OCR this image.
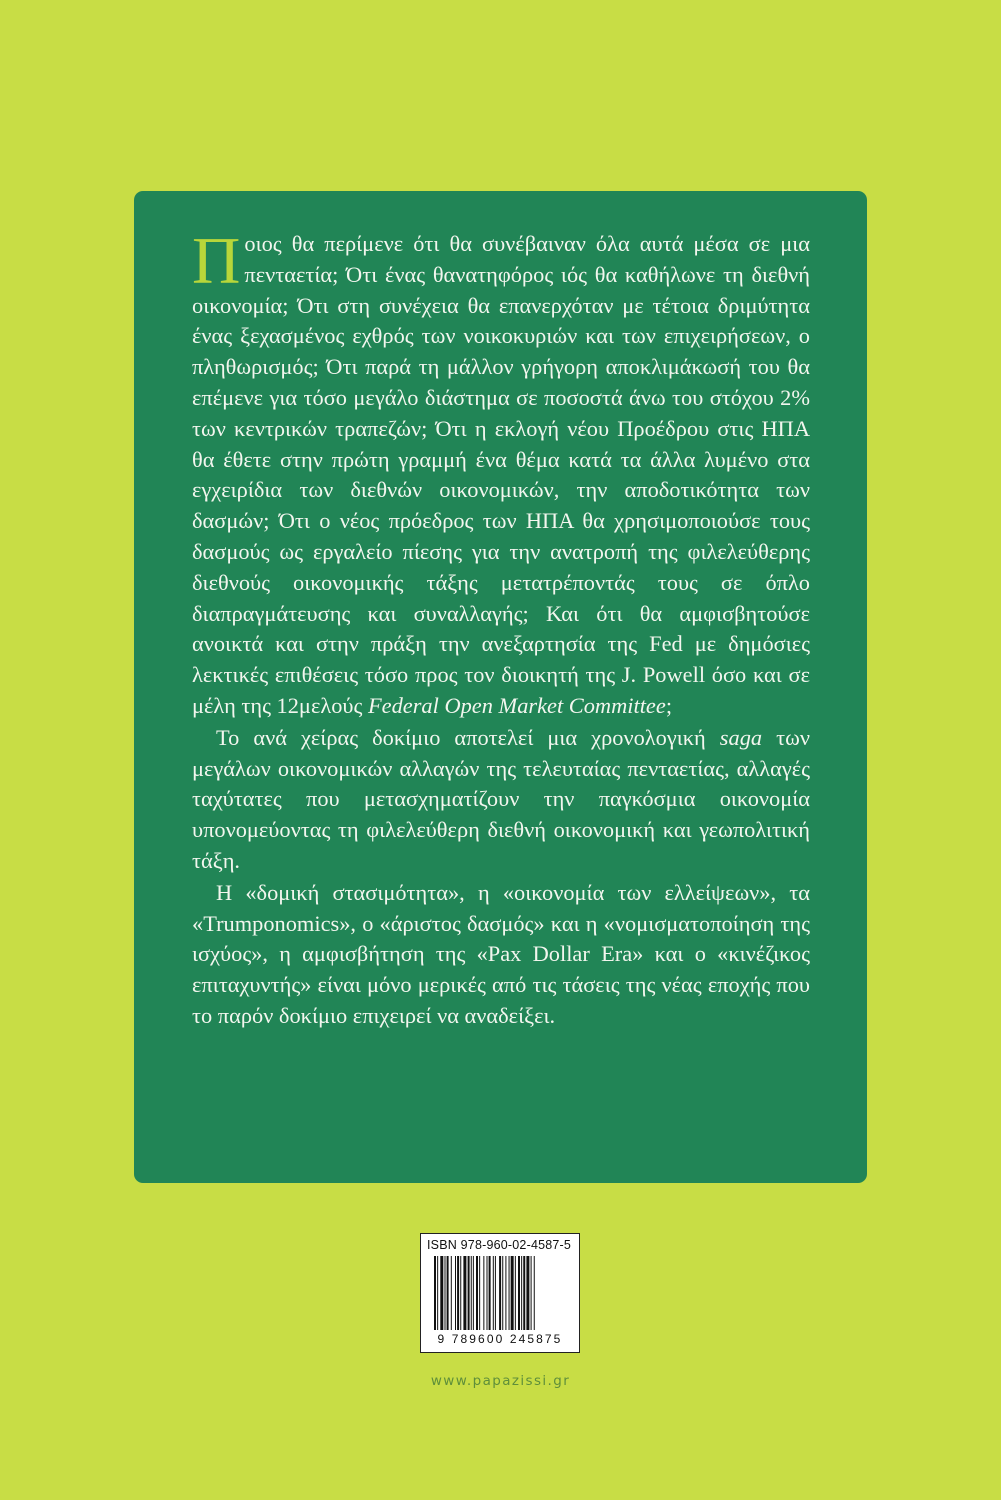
Ποιος θα περίμενε ότι θα συνέβαιναν όλα αυτά μέσα σε μια πενταετία; Ότι ένας θανατηφόρος ιός θα καθήλωνε τη διεθνή οικονομία; Ότι στη συνέχεια θα επανερχόταν με τέτοια δριμύτητα ένας ξεχασμένος εχθρός των νοικοκυριών και των επιχειρήσεων, ο πληθωρισμός; Ότι παρά τη μάλλον γρήγορη αποκλιμάκωσή του θα επέμενε για τόσο μεγάλο διάστημα σε ποσοστά άνω του στόχου 2% των κεντρικών τραπεζών; Ότι η εκλογή νέου Προέδρου στις ΗΠΑ θα έθετε στην πρώτη γραμμή ένα θέμα κατά τα άλλα λυμένο στα εγχειρίδια των διεθνών οικονομικών, την αποδοτικότητα των δασμών; Ότι ο νέος πρόεδρος των ΗΠΑ θα χρησιμοποιούσε τους δασμούς ως εργαλείο πίεσης για την ανατροπή της φιλελεύθερης διεθνούς οικονομικής τάξης μετατρέποντάς τους σε όπλο διαπραγμάτευσης και συναλλαγής; Και ότι θα αμφισβητούσε ανοικτά και στην πράξη την ανεξαρτησία της Fed με δημόσιες λεκτικές επιθέσεις τόσο προς τον διοικητή της J. Powell όσο και σε μέλη της 12μελούς Federal Open Market Committee;

Το ανά χείρας δοκίμιο αποτελεί μια χρονολογική saga των μεγάλων οικονομικών αλλαγών της τελευταίας πενταετίας, αλλαγές ταχύτατες που μετασχηματίζουν την παγκόσμια οικονομία υπονομεύοντας τη φιλελεύθερη διεθνή οικονομική και γεωπολιτική τάξη.

Η «δομική στασιμότητα», η «οικονομία των ελλείψεων», τα «Trumponomics», ο «άριστος δασμός» και η «νομισματοποίηση της ισχύος», η αμφισβήτηση της «Pax Dollar Era» και ο «κινέζικος επιταχυντής» είναι μόνο μερικές από τις τάσεις της νέας εποχής που το παρόν δοκίμιο επιχειρεί να αναδείξει.

ISBN 978-960-02-4587-5
9 789600 245875
www.papazissi.gr
